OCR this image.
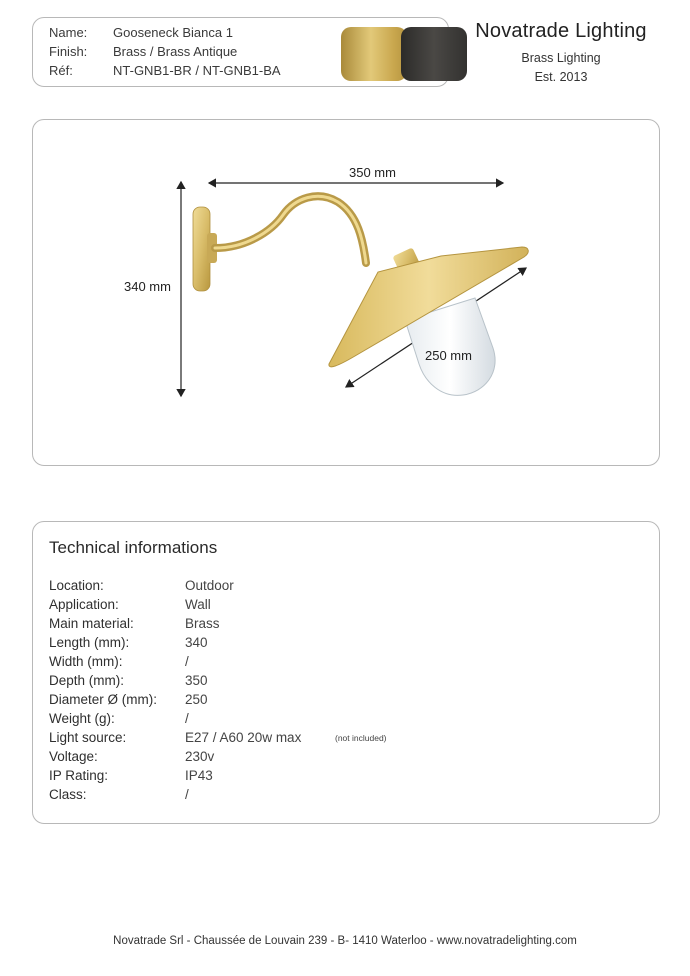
Name:	Gooseneck Bianca 1
Finish:	Brass / Brass Antique
Réf:	NT-GNB1-BR / NT-GNB1-BA
Novatrade Lighting
Brass Lighting
Est. 2013
350 mm
340 mm
250 mm
Technical informations
Location:	Outdoor
Application:	Wall
Main material:	Brass
Length (mm):	340
Width (mm):	/
Depth (mm):	350
Diameter Ø (mm): 250
Weight (g):	/
Light source:	E27 / A60 20w max	(not included)
Voltage:	230v
IP Rating:	IP43
Class:	/
Novatrade Srl - Chaussée de Louvain 239 - B- 1410 Waterloo - www.novatradelighting.com
